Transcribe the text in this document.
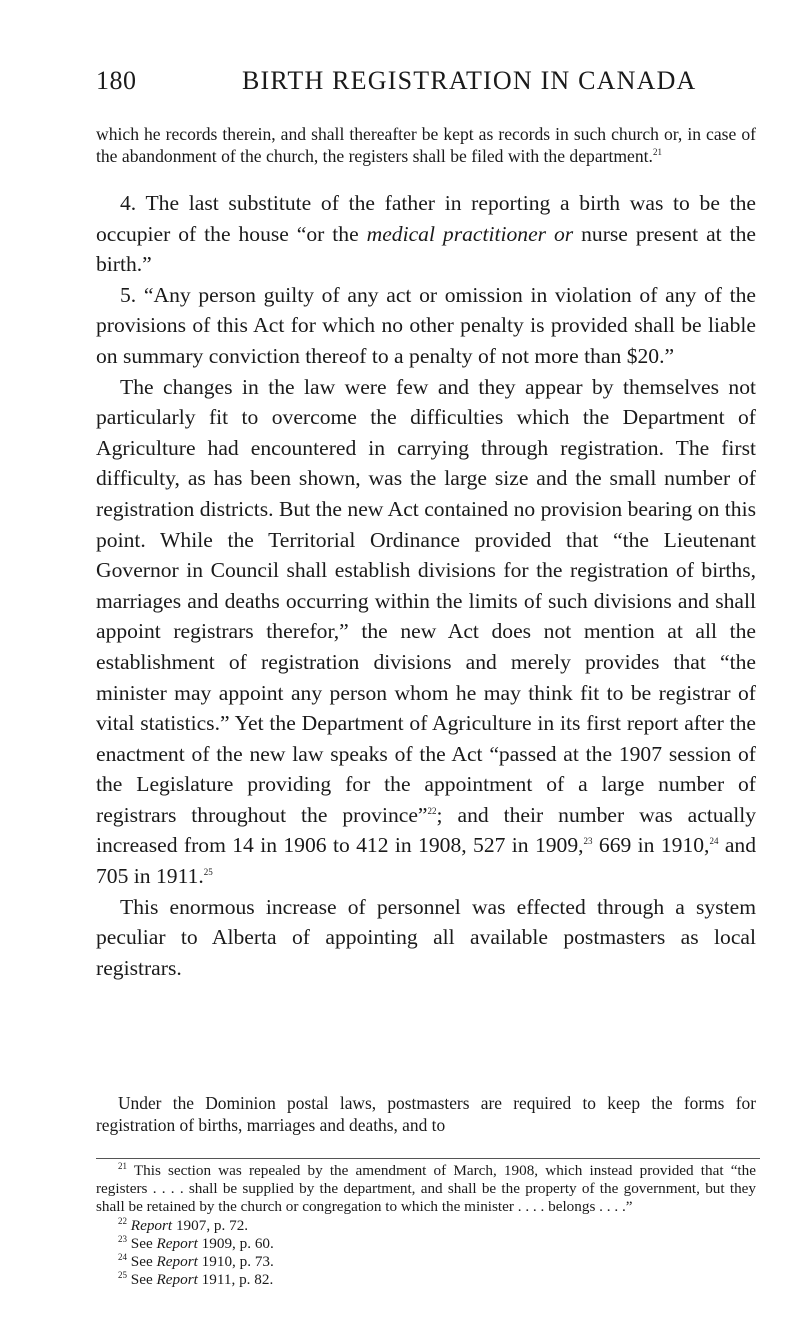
180	BIRTH REGISTRATION IN CANADA

which he records therein, and shall thereafter be kept as records in such church or, in case of the abandonment of the church, the registers shall be filed with the department.$^{21}$

4. The last substitute of the father in reporting a birth was to be the occupier of the house “or the medical practitioner or nurse present at the birth.”

5. “Any person guilty of any act or omission in violation of any of the provisions of this Act for which no other penalty is provided shall be liable on summary conviction thereof to a penalty of not more than $20.”

The changes in the law were few and they appear by themselves not particularly fit to overcome the difficulties which the Department of Agriculture had encountered in carrying through registration. The first difficulty, as has been shown, was the large size and the small number of registration districts. But the new Act contained no provision bearing on this point. While the Territorial Ordinance provided that “the Lieutenant Governor in Council shall establish divisions for the registration of births, marriages and deaths occurring within the limits of such divisions and shall appoint registrars therefor,” the new Act does not mention at all the establishment of registration divisions and merely provides that “the minister may appoint any person whom he may think fit to be registrar of vital statistics.” Yet the Department of Agriculture in its first report after the enactment of the new law speaks of the Act “passed at the 1907 session of the Legislature providing for the appointment of a large number of registrars throughout the province”$^{22}$; and their number was actually increased from 14 in 1906 to 412 in 1908, 527 in 1909,23 669 in 1910,24 and 705 in 1911.25

This enormous increase of personnel was effected through a system peculiar to Alberta of appointing all available postmasters as local registrars.

Under the Dominion postal laws, postmasters are required to keep the forms for registration of births, marriages and deaths, and to

$^{21}$ This section was repealed by the amendment of March, 1908, which instead provided that “the registers . . . . shall be supplied by the department, and shall be the property of the government, but they shall be retained by the church or congregation to which the minister . . . . belongs . . . .”

$^{22}$ Report 1907, p. 72.

$^{23}$ See Report 1909, p. 60.

$^{24}$ See Report 1910, p. 73.

$^{25}$ See Report 1911, p. 82.
